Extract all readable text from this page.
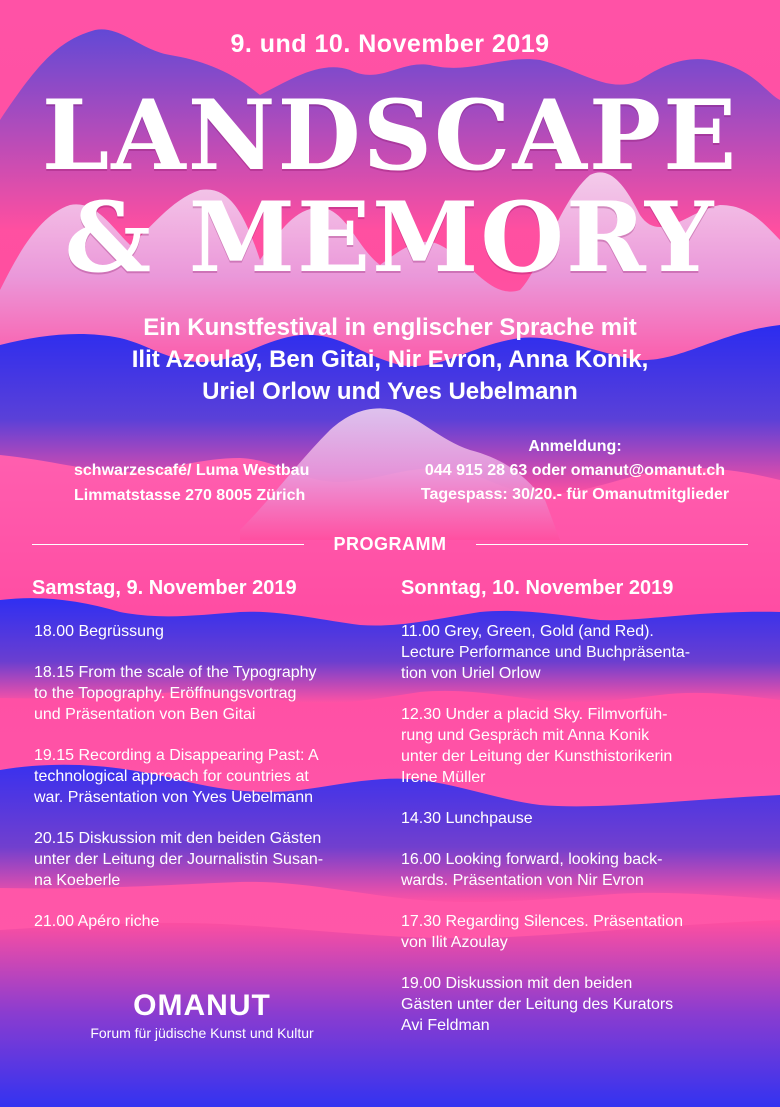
9. und 10. November 2019
LANDSCAPE
& MEMORY
Ein Kunstfestival in englischer Sprache mit
Ilit Azoulay, Ben Gitai, Nir Evron, Anna Konik,
Uriel Orlow und Yves Uebelmann
schwarzescafé/ Luma Westbau
Limmatstasse 270 8005 Zürich
Anmeldung:
044 915 28 63 oder omanut@omanut.ch
Tagespass: 30/20.- für Omanutmitglieder
PROGRAMM
Samstag, 9. November 2019	Sonntag, 10. November 2019
18.00 Begrüssung
18.15 From the scale of the Typography
to the Topography. Eröffnungsvortrag
und Präsentation von Ben Gitai
19.15 Recording a Disappearing Past: A
technological approach for countries at
war. Präsentation von Yves Uebelmann
20.15 Diskussion mit den beiden Gästen
unter der Leitung der Journalistin Susan-
na Koeberle
21.00 Apéro riche
11.00 Grey, Green, Gold (and Red).
Lecture Performance und Buchpräsenta-
tion von Uriel Orlow
12.30 Under a placid Sky. Filmvorfüh-
rung und Gespräch mit Anna Konik
unter der Leitung der Kunsthistorikerin
Irene Müller
14.30 Lunchpause
16.00 Looking forward, looking back-
wards. Präsentation von Nir Evron
17.30 Regarding Silences. Präsentation
von Ilit Azoulay
19.00 Diskussion mit den beiden
Gästen unter der Leitung des Kurators
Avi Feldman
OMANUT
Forum für jüdische Kunst und Kultur
